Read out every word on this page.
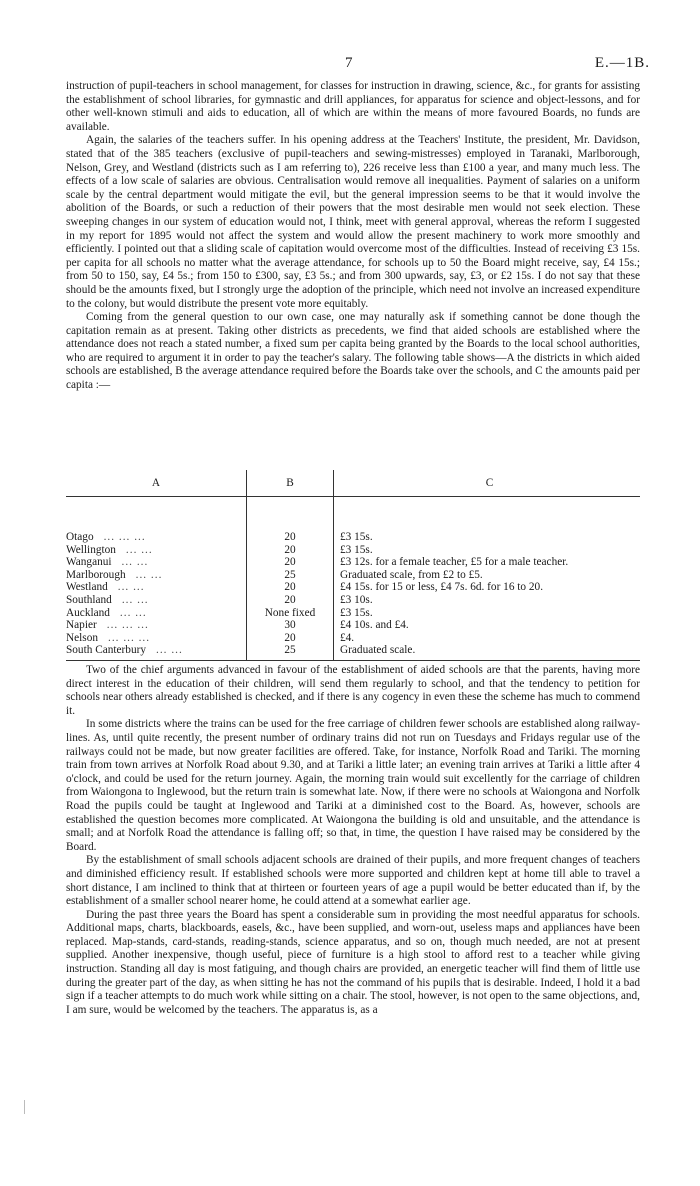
7	E.—1B.

instruction of pupil-teachers in school management, for classes for instruction in drawing, science, &c., for grants for assisting the establishment of school libraries, for gymnastic and drill appliances, for apparatus for science and object-lessons, and for other well-known stimuli and aids to education, all of which are within the means of more favoured Boards, no funds are available.

Again, the salaries of the teachers suffer. In his opening address at the Teachers' Institute, the president, Mr. Davidson, stated that of the 385 teachers (exclusive of pupil-teachers and sewing-mistresses) employed in Taranaki, Marlborough, Nelson, Grey, and Westland (districts such as I am referring to), 226 receive less than £100 a year, and many much less. The effects of a low scale of salaries are obvious. Centralisation would remove all inequalities. Payment of salaries on a uniform scale by the central department would mitigate the evil, but the general impression seems to be that it would involve the abolition of the Boards, or such a reduction of their powers that the most desirable men would not seek election. These sweeping changes in our system of education would not, I think, meet with general approval, whereas the reform I suggested in my report for 1895 would not affect the system and would allow the present machinery to work more smoothly and efficiently. I pointed out that a sliding scale of capitation would overcome most of the difficulties. Instead of receiving £3 15s. per capita for all schools no matter what the average attendance, for schools up to 50 the Board might receive, say, £4 15s.; from 50 to 150, say, £4 5s.; from 150 to £300, say, £3 5s.; and from 300 upwards, say, £3, or £2 15s. I do not say that these should be the amounts fixed, but I strongly urge the adoption of the principle, which need not involve an increased expenditure to the colony, but would distribute the present vote more equitably.

Coming from the general question to our own case, one may naturally ask if something cannot be done though the capitation remain as at present. Taking other districts as precedents, we find that aided schools are established where the attendance does not reach a stated number, a fixed sum per capita being granted by the Boards to the local school authorities, who are required to argument it in order to pay the teacher's salary. The following table shows—A the districts in which aided schools are established, B the average attendance required before the Boards take over the schools, and C the amounts paid per capita :—

A	B	C

Otago ... ... ...	20	£3 15s.
Wellington ... ...	20	£3 15s.
Wanganui ... ...	20	£3 12s. for a female teacher, £5 for a male teacher.
Marlborough ... ...	25	Graduated scale, from £2 to £5.
Westland ... ...	20	£4 15s. for 15 or less, £4 7s. 6d. for 16 to 20.
Southland ... ...	20	£3 10s.
Auckland ... ...	None fixed	£3 15s.
Napier ... ... ...	30	£4 10s. and £4.
Nelson ... ... ...	20	£4.
South Canterbury ... ...	25	Graduated scale.

Two of the chief arguments advanced in favour of the establishment of aided schools are that the parents, having more direct interest in the education of their children, will send them regularly to school, and that the tendency to petition for schools near others already established is checked, and if there is any cogency in even these the scheme has much to commend it.

In some districts where the trains can be used for the free carriage of children fewer schools are established along railway-lines. As, until quite recently, the present number of ordinary trains did not run on Tuesdays and Fridays regular use of the railways could not be made, but now greater facilities are offered. Take, for instance, Norfolk Road and Tariki. The morning train from town arrives at Norfolk Road about 9.30, and at Tariki a little later; an evening train arrives at Tariki a little after 4 o'clock, and could be used for the return journey. Again, the morning train would suit excellently for the carriage of children from Waiongona to Inglewood, but the return train is somewhat late. Now, if there were no schools at Waiongona and Norfolk Road the pupils could be taught at Inglewood and Tariki at a diminished cost to the Board. As, however, schools are established the question becomes more complicated. At Waiongona the building is old and unsuitable, and the attendance is small; and at Norfolk Road the attendance is falling off; so that, in time, the question I have raised may be considered by the Board.

By the establishment of small schools adjacent schools are drained of their pupils, and more frequent changes of teachers and diminished efficiency result. If established schools were more supported and children kept at home till able to travel a short distance, I am inclined to think that at thirteen or fourteen years of age a pupil would be better educated than if, by the establishment of a smaller school nearer home, he could attend at a somewhat earlier age.

During the past three years the Board has spent a considerable sum in providing the most needful apparatus for schools. Additional maps, charts, blackboards, easels, &c., have been supplied, and worn-out, useless maps and appliances have been replaced. Map-stands, card-stands, reading-stands, science apparatus, and so on, though much needed, are not at present supplied. Another inexpensive, though useful, piece of furniture is a high stool to afford rest to a teacher while giving instruction. Standing all day is most fatiguing, and though chairs are provided, an energetic teacher will find them of little use during the greater part of the day, as when sitting he has not the command of his pupils that is desirable. Indeed, I hold it a bad sign if a teacher attempts to do much work while sitting on a chair. The stool, however, is not open to the same objections, and, I am sure, would be welcomed by the teachers. The apparatus is, as a
